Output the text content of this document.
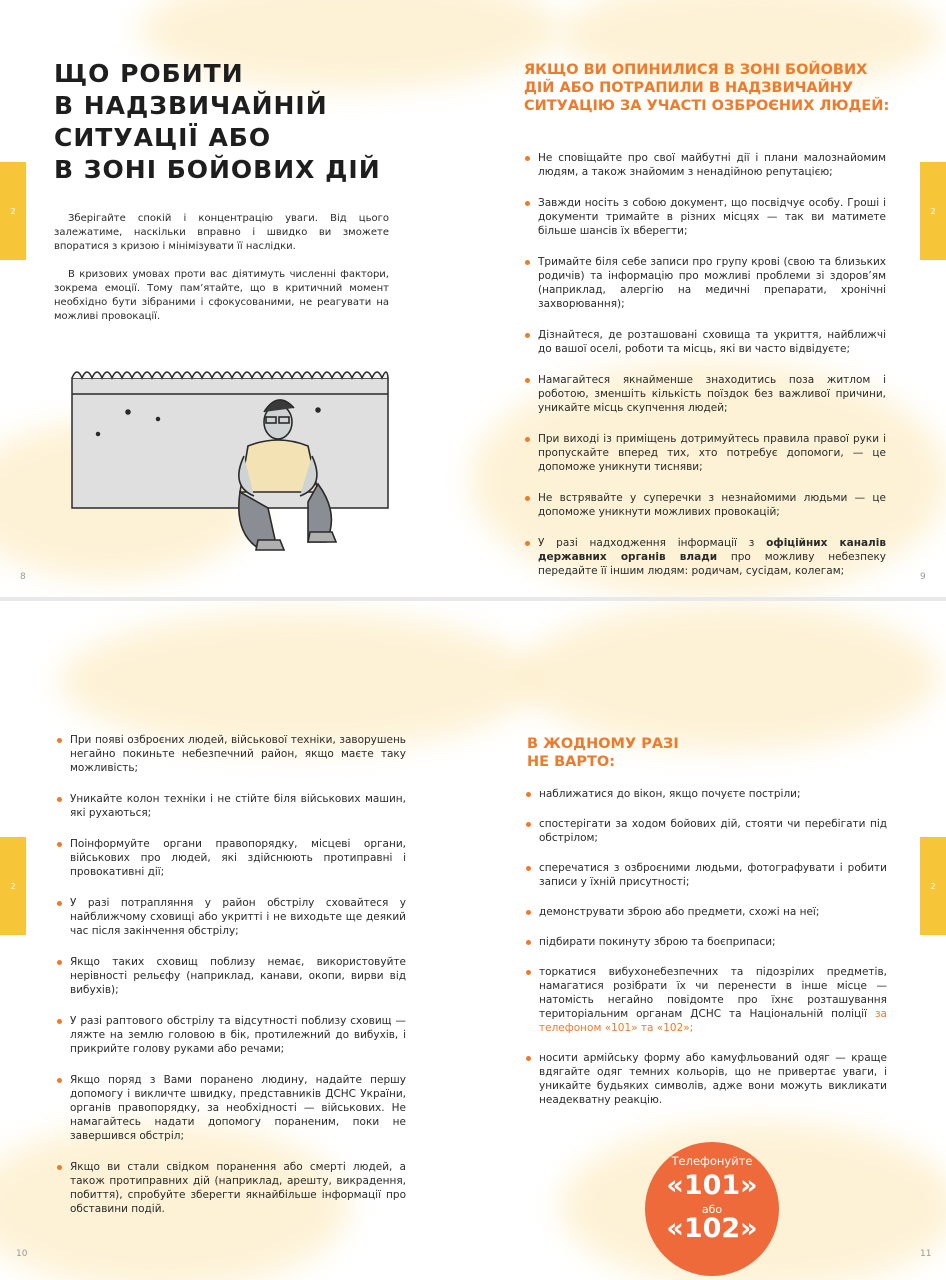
2	2
ЩО РОБИТИ
В НАДЗВИЧАЙНІЙ
СИТУАЦІЇ АБО
В ЗОНІ БОЙОВИХ ДІЙ

Зберігайте спокій і концентрацію уваги. Від цього залежатиме, наскільки вправно і швидко ви зможете впоратися з кризою і мінімізувати її наслідки.

В кризових умовах проти вас діятимуть численні фактори, зокрема емоції. Тому пам’ятайте, що в критичний момент необхідно бути зібраними і сфокусованими, не реагувати на можливі провокації.

8
ЯКЩО ВИ ОПИНИЛИСЯ В ЗОНІ БОЙОВИХ
ДІЙ АБО ПОТРАПИЛИ В НАДЗВИЧАЙНУ
СИТУАЦІЮ ЗА УЧАСТІ ОЗБРОЄНИХ ЛЮДЕЙ:
Не сповіщайте про свої майбутні дії і плани малознайомим людям, а також знайомим з ненадійною репутацією;
Завжди носіть з собою документ, що посвідчує особу. Гроші і документи тримайте в різних місцях — так ви матимете більше шансів їх вберегти;
Тримайте біля себе записи про групу крові (свою та близьких родичів) та інформацію про можливі проблеми зі здоров’ям (наприклад, алергію на медичні препарати, хронічні захворювання);
Дізнайтеся, де розташовані сховища та укриття, найближчі до вашої оселі, роботи та місць, які ви часто відвідуєте;
Намагайтеся якнайменше знаходитись поза житлом і роботою, зменшіть кількість поїздок без важливої причини, уникайте місць скупчення людей;
При виході із приміщень дотримуйтесь правила правої руки і пропускайте вперед тих, хто потребує допомоги, — це допоможе уникнути тисняви;
Не встрявайте у суперечки з незнайомими людьми — це допоможе уникнути можливих провокацій;
У разі надходження інформації з офіційних каналів державних органів влади про можливу небезпеку передайте її іншим людям: родичам, сусідам, колегам;	9
2	2
При появі озброєних людей, військової техніки, заворушень негайно покиньте небезпечний район, якщо маєте таку можливість;
Уникайте колон техніки і не стійте біля військових машин, які рухаються;
Поінформуйте органи правопорядку, місцеві органи, військових про людей, які здійснюють протиправні і провокативні дії;
У разі потрапляння у район обстрілу сховайтеся у найближчому сховищі або укритті і не виходьте ще деякий час після закінчення обстрілу;
Якщо таких сховищ поблизу немає, використовуйте нерівності рельєфу (наприклад, канави, окопи, вирви від вибухів);
У разі раптового обстрілу та відсутності поблизу сховищ — ляжте на землю головою в бік, протилежний до вибухів, і прикрийте голову руками або речами;
Якщо поряд з Вами поранено людину, надайте першу допомогу і викличте швидку, представників ДСНС України, органів правопорядку, за необхідності — військових. Не намагайтесь надати допомогу пораненим, поки не завершився обстріл;
Якщо ви стали свідком поранення або смерті людей, а також протиправних дій (наприклад, арешту, викрадення, побиття), спробуйте зберегти якнайбільше інформації про обставини подій.
10
В ЖОДНОМУ РАЗІ
НЕ ВАРТО:
наближатися до вікон, якщо почуєте постріли;
спостерігати за ходом бойових дій, стояти чи перебігати під обстрілом;
сперечатися з озброєними людьми, фотографувати і робити записи у їхній присутності;
демонструвати зброю або предмети, схожі на неї;
підбирати покинуту зброю та боєприпаси;
торкатися вибухонебезпечних та підозрілих предметів, намагатися розібрати їх чи перенести в інше місце — натомість негайно повідомте про їхнє розташування територіальним органам ДСНС та Національній поліції за телефоном «101» та «102»;
носити армійську форму або камуфльований одяг — краще вдягайте одяг темних кольорів, що не привертає уваги, і уникайте будьяких символів, адже вони можуть викликати неадекватну реакцію.
11
Телефонуйте
«101»
або
«102»
